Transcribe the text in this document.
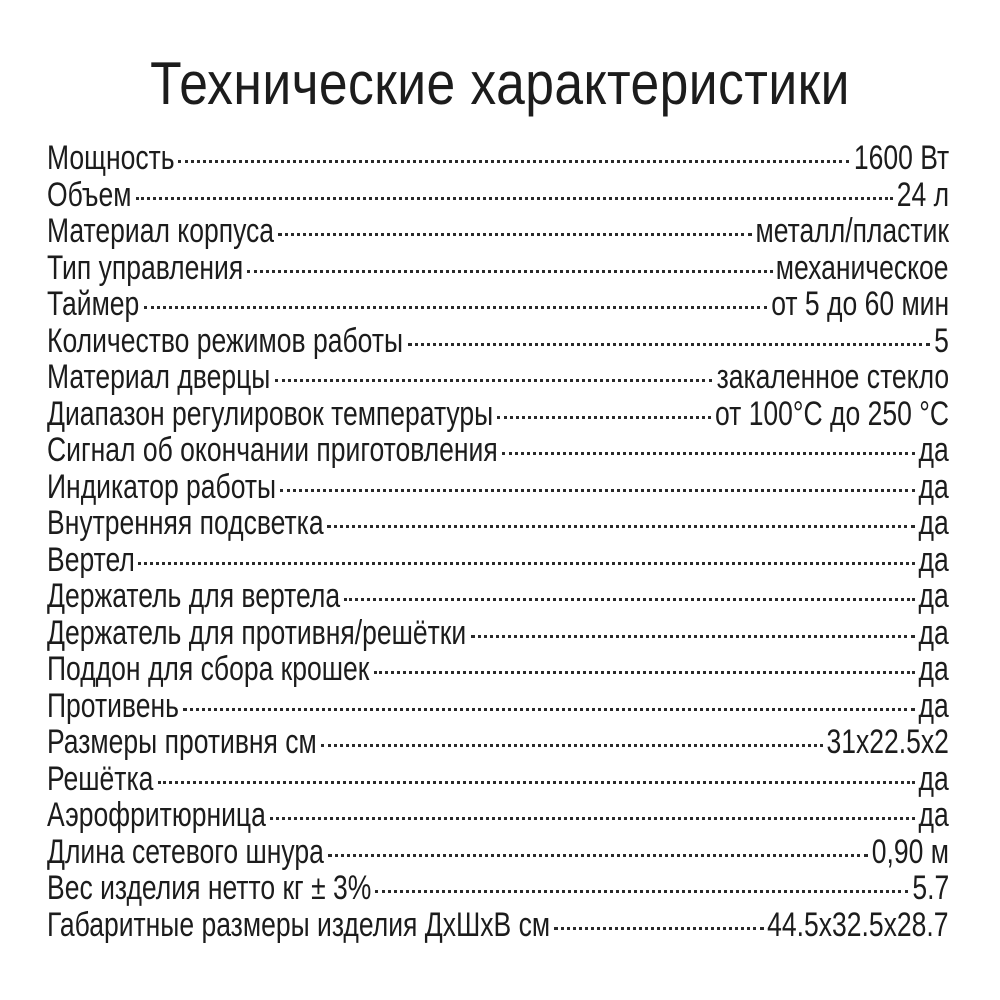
Технические характеристики
Мощность	1600 Вт
Объем	24 л
Материал корпуса	металл/пластик
Тип управления	механическое
Таймер	от 5 до 60 мин
Количество режимов работы	5
Материал дверцы	закаленное стекло
Диапазон регулировок температуры	от 100°С до 250 °С
Сигнал об окончании приготовления	да
Индикатор работы	да
Внутренняя подсветка	да
Вертел	да
Держатель для вертела	да
Держатель для противня/решётки	да
Поддон для сбора крошек	да
Противень	да
Размеры противня см	31x22.5x2
Решётка	да
Аэрофритюрница	да
Длина сетевого шнура	0,90 м
Вес изделия нетто кг ± 3%	5.7
Габаритные размеры изделия ДхШхВ см	44.5x32.5x28.7
